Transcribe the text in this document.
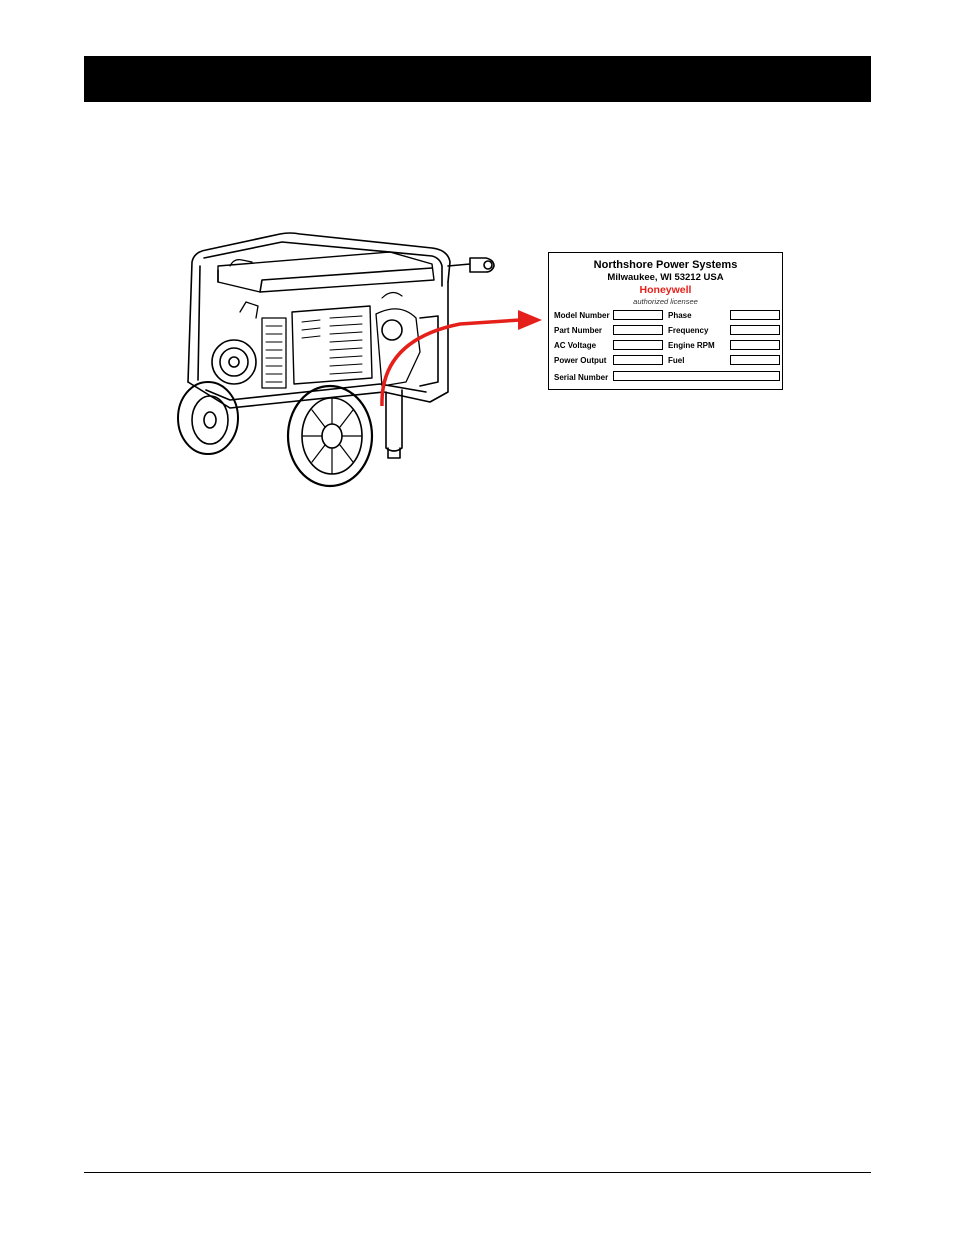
Northshore Power Systems
Milwaukee, WI 53212 USA
Honeywell
authorized licensee
Model Number
Part Number
AC Voltage
Power Output
Serial Number
Phase
Frequency
Engine RPM
Fuel
